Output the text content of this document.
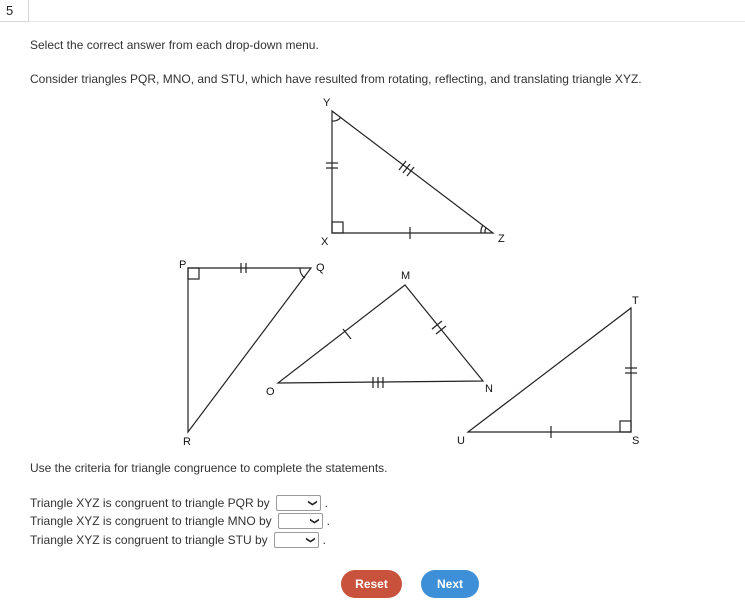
5
Select the correct answer from each drop-down menu.
Consider triangles PQR, MNO, and STU, which have resulted from rotating, reflecting, and translating triangle XYZ.
Y
X	Z
P	Q
R
M
N
O
T
S
U
Use the criteria for triangle congruence to complete the statements.
Triangle XYZ is congruent to triangle PQR by	❯ .
Triangle XYZ is congruent to triangle MNO by	❯ .
Triangle XYZ is congruent to triangle STU by	❯ .
Reset	Next
